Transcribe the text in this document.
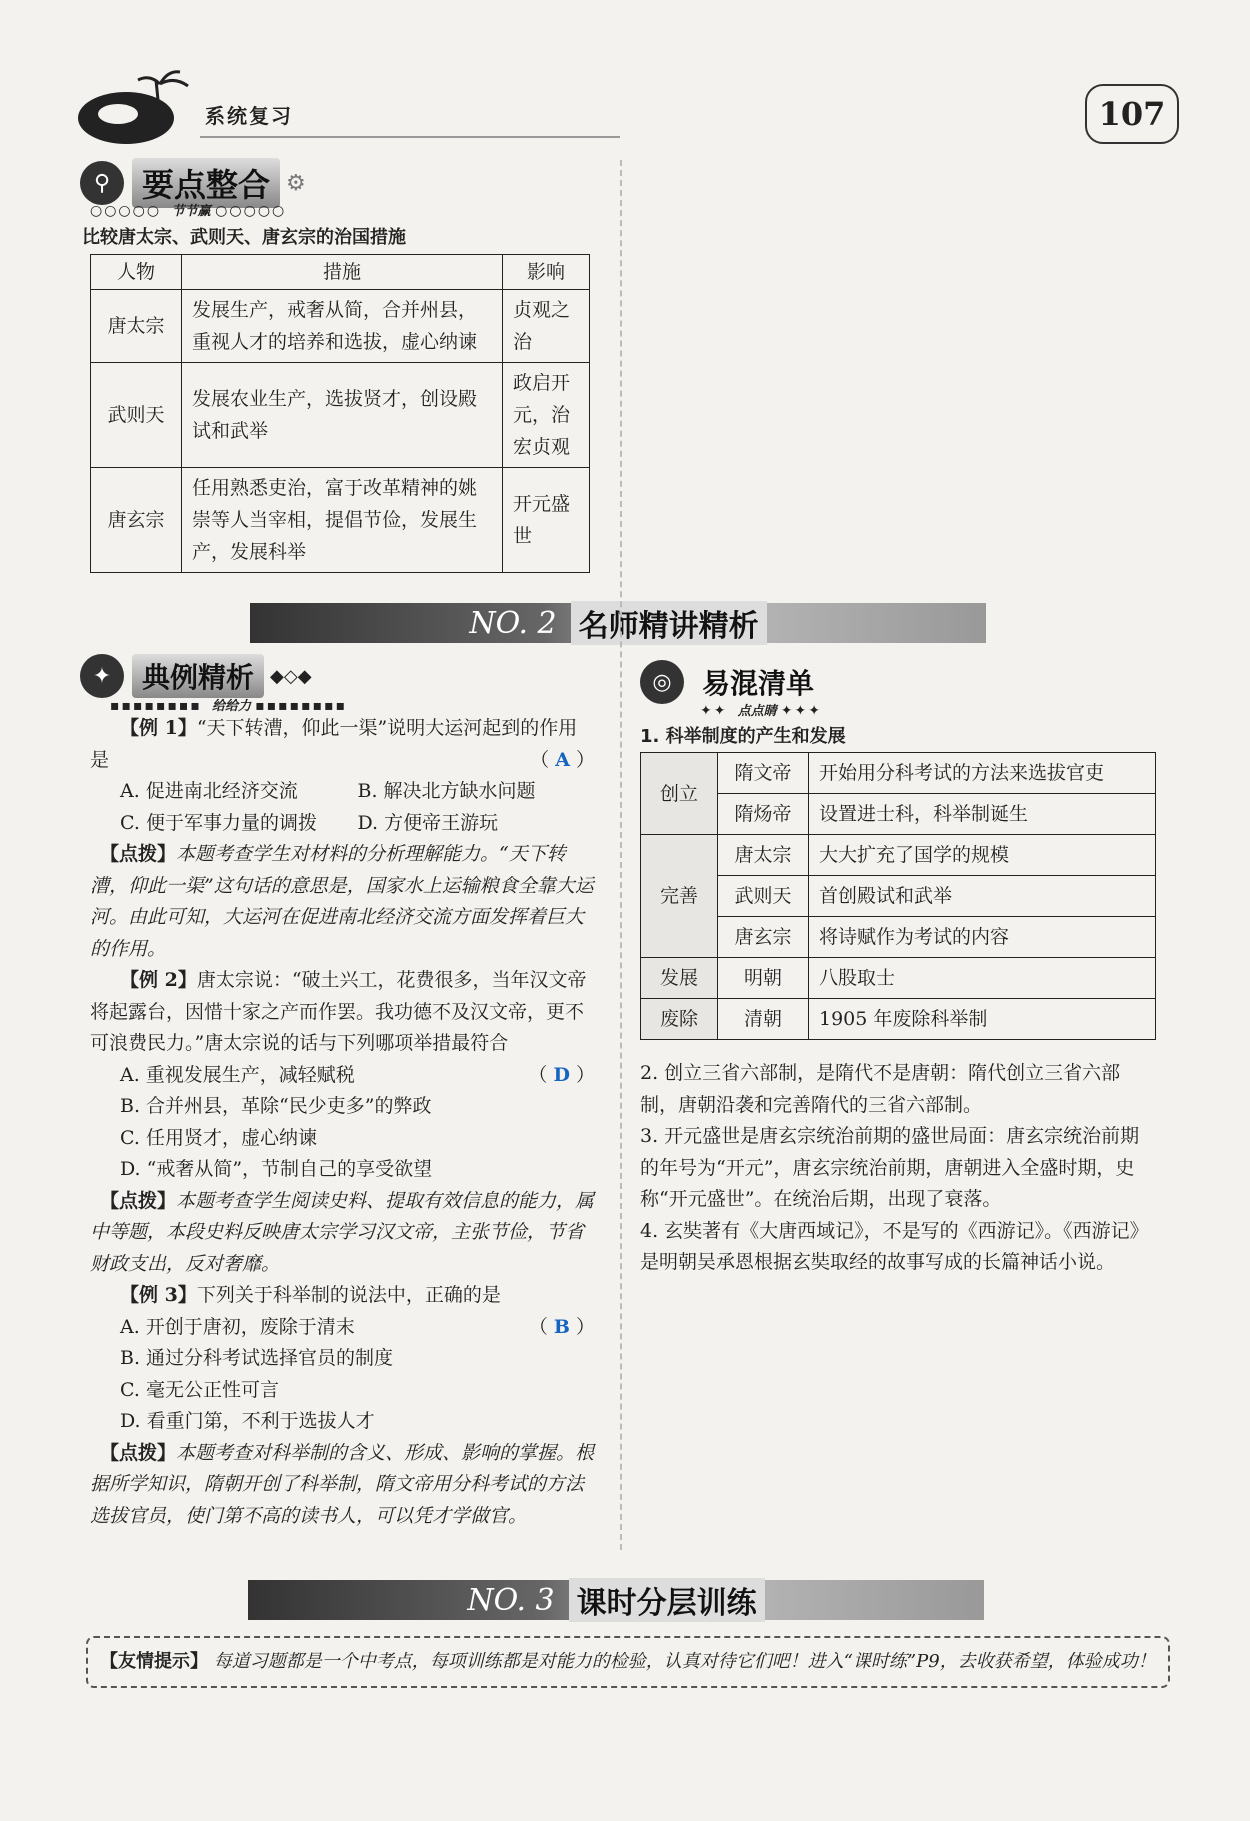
系统复习	107
⚲ 要点整合 ⚙
○○○○○ 节节赢 ○○○○○
比较唐太宗、武则天、唐玄宗的治国措施
人物	措施	影响
唐太宗	发展生产，戒奢从简，合并州县，重视人才的培养和选拔，虚心纳谏	贞观之治
武则天	发展农业生产，选拔贤才，创设殿试和武举	政启开元，治宏贞观
唐玄宗	任用熟悉吏治，富于改革精神的姚崇等人当宰相，提倡节俭，发展生产，发展科举	开元盛世
NO. 2 名师精讲精析
✦	典例精析 ◆◇◆
▪▪▪▪▪▪▪▪ 给给力 ▪▪▪▪▪▪▪▪
【例 1】“天下转漕，仰此一渠”说明大运河起到的作用是	（ A ）
A. 促进南北经济交流	B. 解决北方缺水问题
C. 便于军事力量的调拨	D. 方便帝王游玩
【点拨】本题考查学生对材料的分析理解能力。“天下转漕，仰此一渠”这句话的意思是，国家水上运输粮食全靠大运河。由此可知，大运河在促进南北经济交流方面发挥着巨大的作用。
【例 2】唐太宗说：“破土兴工，花费很多，当年汉文帝将起露台，因惜十家之产而作罢。我功德不及汉文帝，更不可浪费民力。”唐太宗说的话与下列哪项举措最符合
（ D ）
A. 重视发展生产，减轻赋税
B. 合并州县，革除“民少吏多”的弊政
C. 任用贤才，虚心纳谏
D. “戒奢从简”，节制自己的享受欲望
【点拨】本题考查学生阅读史料、提取有效信息的能力，属中等题，本段史料反映唐太宗学习汉文帝，主张节俭，节省财政支出，反对奢靡。
【例 3】下列关于科举制的说法中，正确的是
（ B ）
A. 开创于唐初，废除于清末
B. 通过分科考试选择官员的制度
C. 毫无公正性可言
D. 看重门第，不利于选拔人才
【点拨】本题考查对科举制的含义、形成、影响的掌握。根据所学知识，隋朝开创了科举制，隋文帝用分科考试的方法选拔官员，使门第不高的读书人，可以凭才学做官。
◎	易混清单
✦✦ 点点睛 ✦✦✦
1. 科举制度的产生和发展
创立	隋文帝	开始用分科考试的方法来选拔官吏
	隋炀帝	设置进士科，科举制诞生
完善	唐太宗	大大扩充了国学的规模
	武则天	首创殿试和武举
	唐玄宗	将诗赋作为考试的内容
发展	明朝	八股取士
废除	清朝	1905 年废除科举制
2. 创立三省六部制，是隋代不是唐朝：隋代创立三省六部制，唐朝沿袭和完善隋代的三省六部制。
3. 开元盛世是唐玄宗统治前期的盛世局面：唐玄宗统治前期的年号为“开元”，唐玄宗统治前期，唐朝进入全盛时期，史称“开元盛世”。在统治后期，出现了衰落。
4. 玄奘著有《大唐西域记》，不是写的《西游记》。《西游记》是明朝吴承恩根据玄奘取经的故事写成的长篇神话小说。
NO. 3 课时分层训练
【友情提示】 每道习题都是一个中考点，每项训练都是对能力的检验，认真对待它们吧！进入“课时练”P9，去收获希望，体验成功！
